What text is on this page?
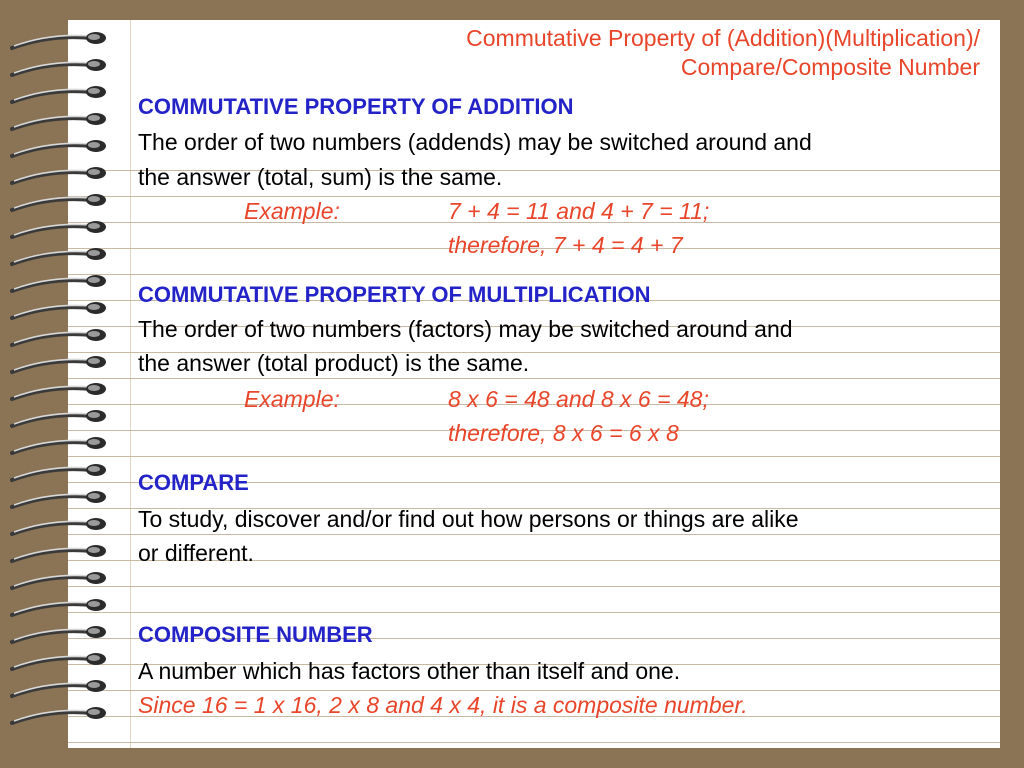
Commutative Property of (Addition)(Multiplication)/
Compare/Composite Number
COMMUTATIVE PROPERTY OF ADDITION
The order of two numbers (addends) may be switched around and
the answer (total, sum) is the same.
Example:	7 + 4 = 11 and 4 + 7 = 11;
therefore, 7 + 4 = 4 + 7
COMMUTATIVE PROPERTY OF MULTIPLICATION
The order of two numbers (factors) may be switched around and
the answer (total product) is the same.
Example:	8 x 6 = 48 and 8 x 6 = 48;
therefore, 8 x 6 = 6 x 8
COMPARE
To study, discover and/or find out how persons or things are alike
or different.
COMPOSITE NUMBER
A number which has factors other than itself and one.
Since 16 = 1 x 16, 2 x 8 and 4 x 4, it is a composite number.
